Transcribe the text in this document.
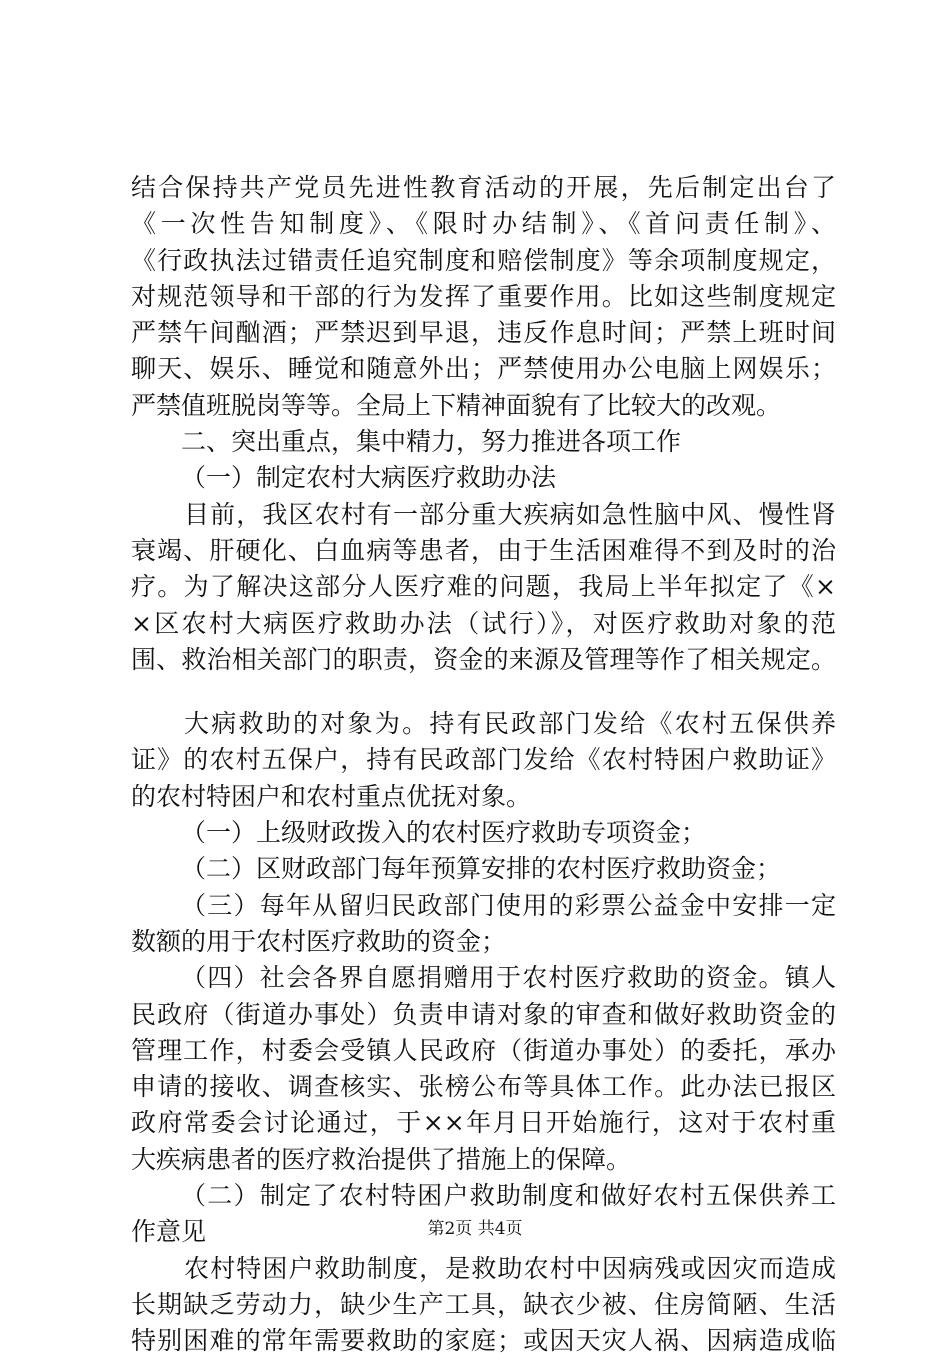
结合保持共产党员先进性教育活动的开展，先后制定出台了
《一次性告知制度》、《限时办结制》、《首问责任制》、
《行政执法过错责任追究制度和赔偿制度》等余项制度规定，
对规范领导和干部的行为发挥了重要作用。比如这些制度规定
严禁午间酗酒；严禁迟到早退，违反作息时间；严禁上班时间
聊天、娱乐、睡觉和随意外出；严禁使用办公电脑上网娱乐；
严禁值班脱岗等等。全局上下精神面貌有了比较大的改观。
二、突出重点，集中精力，努力推进各项工作
（一）制定农村大病医疗救助办法
目前，我区农村有一部分重大疾病如急性脑中风、慢性肾
衰竭、肝硬化、白血病等患者，由于生活困难得不到及时的治
疗。为了解决这部分人医疗难的问题，我局上半年拟定了《×
×区农村大病医疗救助办法（试行）》，对医疗救助对象的范
围、救治相关部门的职责，资金的来源及管理等作了相关规定。
大病救助的对象为。持有民政部门发给《农村五保供养
证》的农村五保户，持有民政部门发给《农村特困户救助证》
的农村特困户和农村重点优抚对象。
（一）上级财政拨入的农村医疗救助专项资金；
（二）区财政部门每年预算安排的农村医疗救助资金；
（三）每年从留归民政部门使用的彩票公益金中安排一定
数额的用于农村医疗救助的资金；
（四）社会各界自愿捐赠用于农村医疗救助的资金。镇人
民政府（街道办事处）负责申请对象的审查和做好救助资金的
管理工作，村委会受镇人民政府（街道办事处）的委托，承办
申请的接收、调查核实、张榜公布等具体工作。此办法已报区
政府常委会讨论通过，于××年月日开始施行，这对于农村重
大疾病患者的医疗救治提供了措施上的保障。
（二）制定了农村特困户救助制度和做好农村五保供养工
作意见
农村特困户救助制度，是救助农村中因病残或因灾而造成
长期缺乏劳动力，缺少生产工具，缺衣少被、住房简陋、生活
特别困难的常年需要救助的家庭；或因天灾人祸、因病造成临
第2页 共4页
